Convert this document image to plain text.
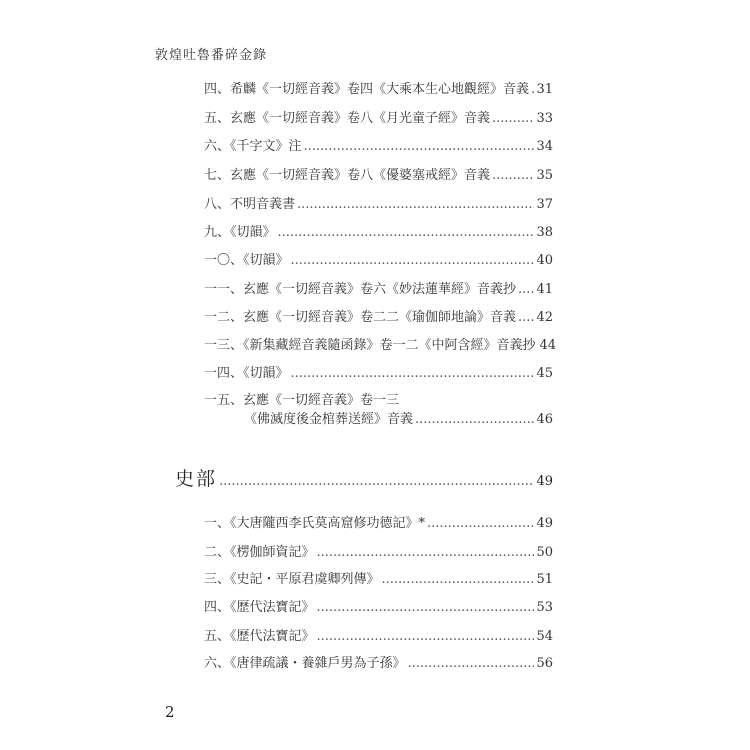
敦煌吐魯番碎金錄
四、希麟《一切經音義》卷四《大乘本生心地觀經》音義 ..... 31
五、玄應《一切經音義》卷八《月光童子經》音義 .....	33
六、《千字文》注 .....	34
七、玄應《一切經音義》卷八《優婆塞戒經》音義 .....	35
八、不明音義書 .....	37
九、《切韻》 .....	38
一〇、《切韻》 .....	40
一一、玄應《一切經音義》卷六《妙法蓮華經》音義抄 ..... 41
一二、玄應《一切經音義》卷二二《瑜伽師地論》音義 ..... 42
一三、《新集藏經音義隨函錄》卷一二《中阿含經》音義抄 44
一四、《切韻》 .....	45
一五、玄應《一切經音義》卷一三
《佛滅度後金棺葬送經》音義 .....	46
史部 .....	49
一、《大唐隴西李氏莫高窟修功德記》* .....	49
二、《楞伽師資記》 .....	50
三、《史記・平原君虞卿列傳》 .....	51
四、《歷代法寶記》 .....	53
五、《歷代法寶記》 .....	54
六、《唐律疏議・養雜戶男為子孫》 .....	56
2
